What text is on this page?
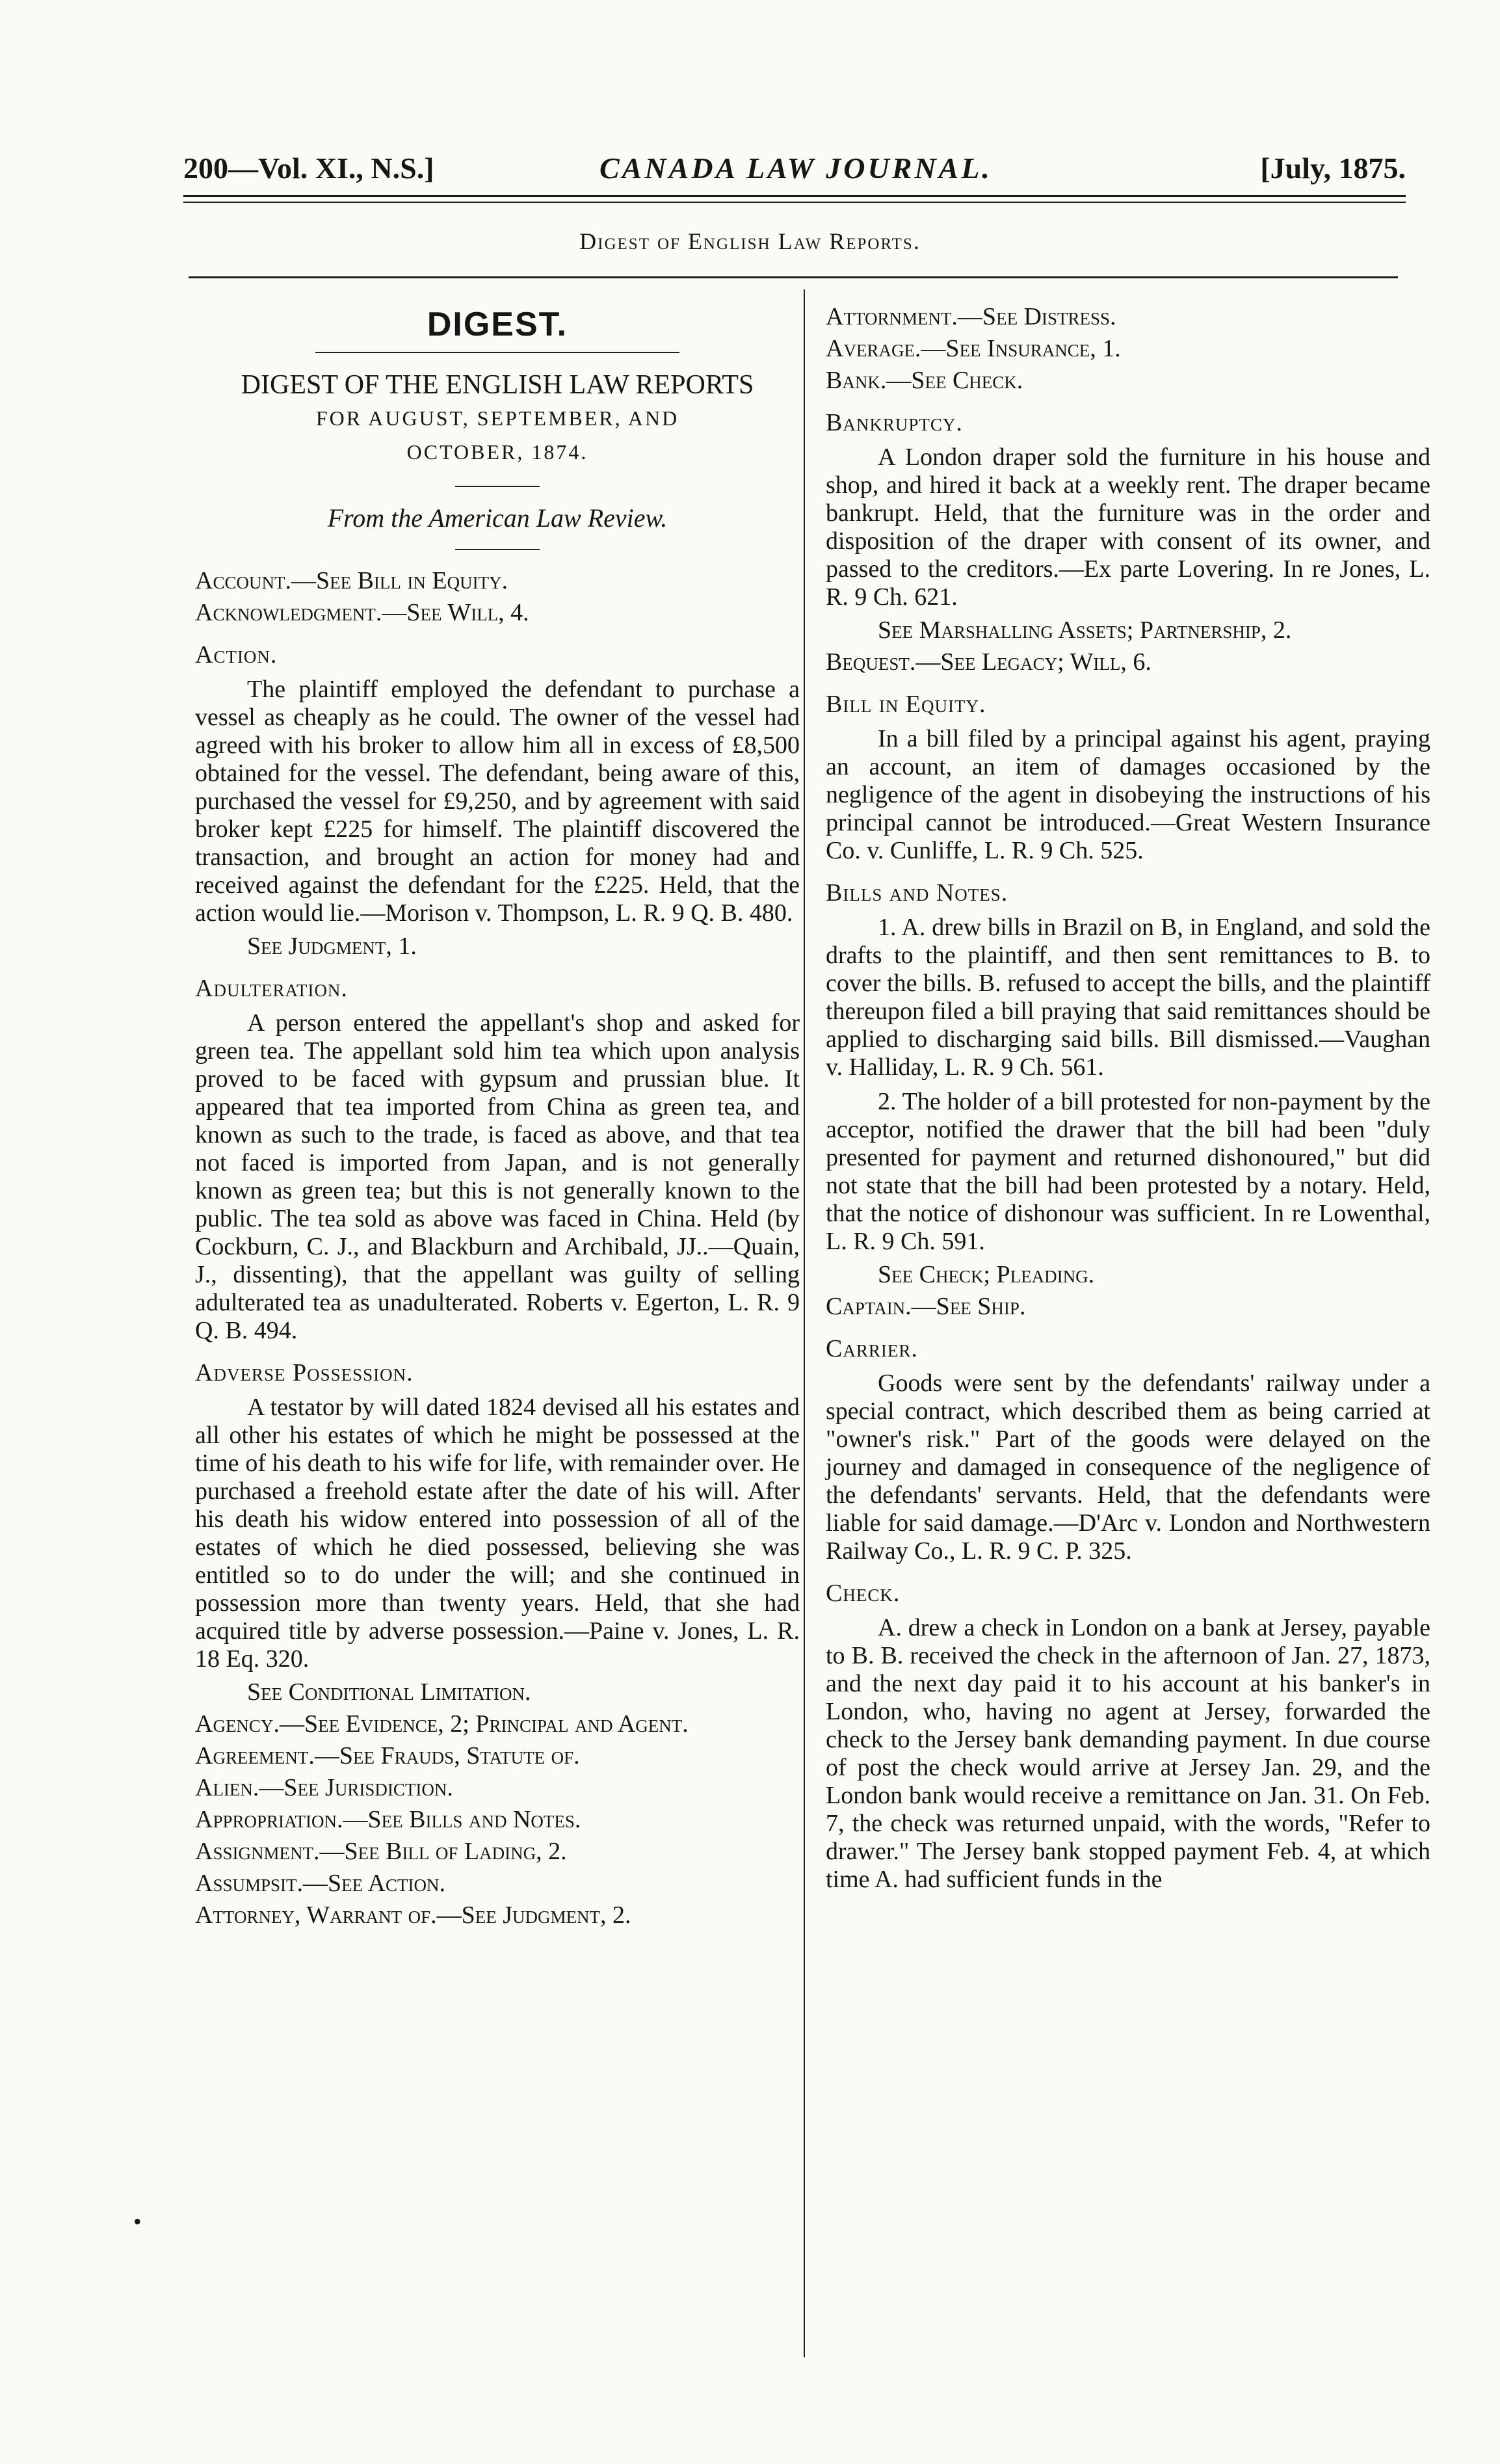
200—Vol. XI., N.S.]	CANADA LAW JOURNAL.	[July, 1875.
Digest of English Law Reports.
DIGEST.
DIGEST OF THE ENGLISH LAW REPORTS
FOR AUGUST, SEPTEMBER, AND
OCTOBER, 1874.
From the American Law Review.
Account.—See Bill in Equity.
Acknowledgment.—See Will, 4.
Action.
The plaintiff employed the defendant to purchase a vessel as cheaply as he could. The owner of the vessel had agreed with his broker to allow him all in excess of £8,500 obtained for the vessel. The defendant, being aware of this, purchased the vessel for £9,250, and by agreement with said broker kept £225 for himself. The plaintiff discovered the transaction, and brought an action for money had and received against the defendant for the £225. Held, that the action would lie.—Morison v. Thompson, L. R. 9 Q. B. 480.
See Judgment, 1.
Adulteration.
A person entered the appellant's shop and asked for green tea. The appellant sold him tea which upon analysis proved to be faced with gypsum and prussian blue. It appeared that tea imported from China as green tea, and known as such to the trade, is faced as above, and that tea not faced is imported from Japan, and is not generally known as green tea; but this is not generally known to the public. The tea sold as above was faced in China. Held (by Cockburn, C. J., and Blackburn and Archibald, JJ..—Quain, J., dissenting), that the appellant was guilty of selling adulterated tea as unadulterated. Roberts v. Egerton, L. R. 9 Q. B. 494.
Adverse Possession.
A testator by will dated 1824 devised all his estates and all other his estates of which he might be possessed at the time of his death to his wife for life, with remainder over. He purchased a freehold estate after the date of his will. After his death his widow entered into possession of all of the estates of which he died possessed, believing she was entitled so to do under the will; and she continued in possession more than twenty years. Held, that she had acquired title by adverse possession.—Paine v. Jones, L. R. 18 Eq. 320.
See Conditional Limitation.
Agency.—See Evidence, 2; Principal and Agent.
Agreement.—See Frauds, Statute of.
Alien.—See Jurisdiction.
Appropriation.—See Bills and Notes.
Assignment.—See Bill of Lading, 2.
Assumpsit.—See Action.
Attorney, Warrant of.—See Judgment, 2.
Attornment.—See Distress.
Average.—See Insurance, 1.
Bank.—See Check.
Bankruptcy.
A London draper sold the furniture in his house and shop, and hired it back at a weekly rent. The draper became bankrupt. Held, that the furniture was in the order and disposition of the draper with consent of its owner, and passed to the creditors.—Ex parte Lovering. In re Jones, L. R. 9 Ch. 621.
See Marshalling Assets; Partnership, 2.
Bequest.—See Legacy; Will, 6.
Bill in Equity.
In a bill filed by a principal against his agent, praying an account, an item of damages occasioned by the negligence of the agent in disobeying the instructions of his principal cannot be introduced.—Great Western Insurance Co. v. Cunliffe, L. R. 9 Ch. 525.
Bills and Notes.
1. A. drew bills in Brazil on B, in England, and sold the drafts to the plaintiff, and then sent remittances to B. to cover the bills. B. refused to accept the bills, and the plaintiff thereupon filed a bill praying that said remittances should be applied to discharging said bills. Bill dismissed.—Vaughan v. Halliday, L. R. 9 Ch. 561.
2. The holder of a bill protested for non-payment by the acceptor, notified the drawer that the bill had been "duly presented for payment and returned dishonoured," but did not state that the bill had been protested by a notary. Held, that the notice of dishonour was sufficient. In re Lowenthal, L. R. 9 Ch. 591.
See Check; Pleading.
Captain.—See Ship.
Carrier.
Goods were sent by the defendants' railway under a special contract, which described them as being carried at "owner's risk." Part of the goods were delayed on the journey and damaged in consequence of the negligence of the defendants' servants. Held, that the defendants were liable for said damage.—D'Arc v. London and Northwestern Railway Co., L. R. 9 C. P. 325.
Check.
A. drew a check in London on a bank at Jersey, payable to B. B. received the check in the afternoon of Jan. 27, 1873, and the next day paid it to his account at his banker's in London, who, having no agent at Jersey, forwarded the check to the Jersey bank demanding payment. In due course of post the check would arrive at Jersey Jan. 29, and the London bank would receive a remittance on Jan. 31. On Feb. 7, the check was returned unpaid, with the words, "Refer to drawer." The Jersey bank stopped payment Feb. 4, at which time A. had sufficient funds in the
•
